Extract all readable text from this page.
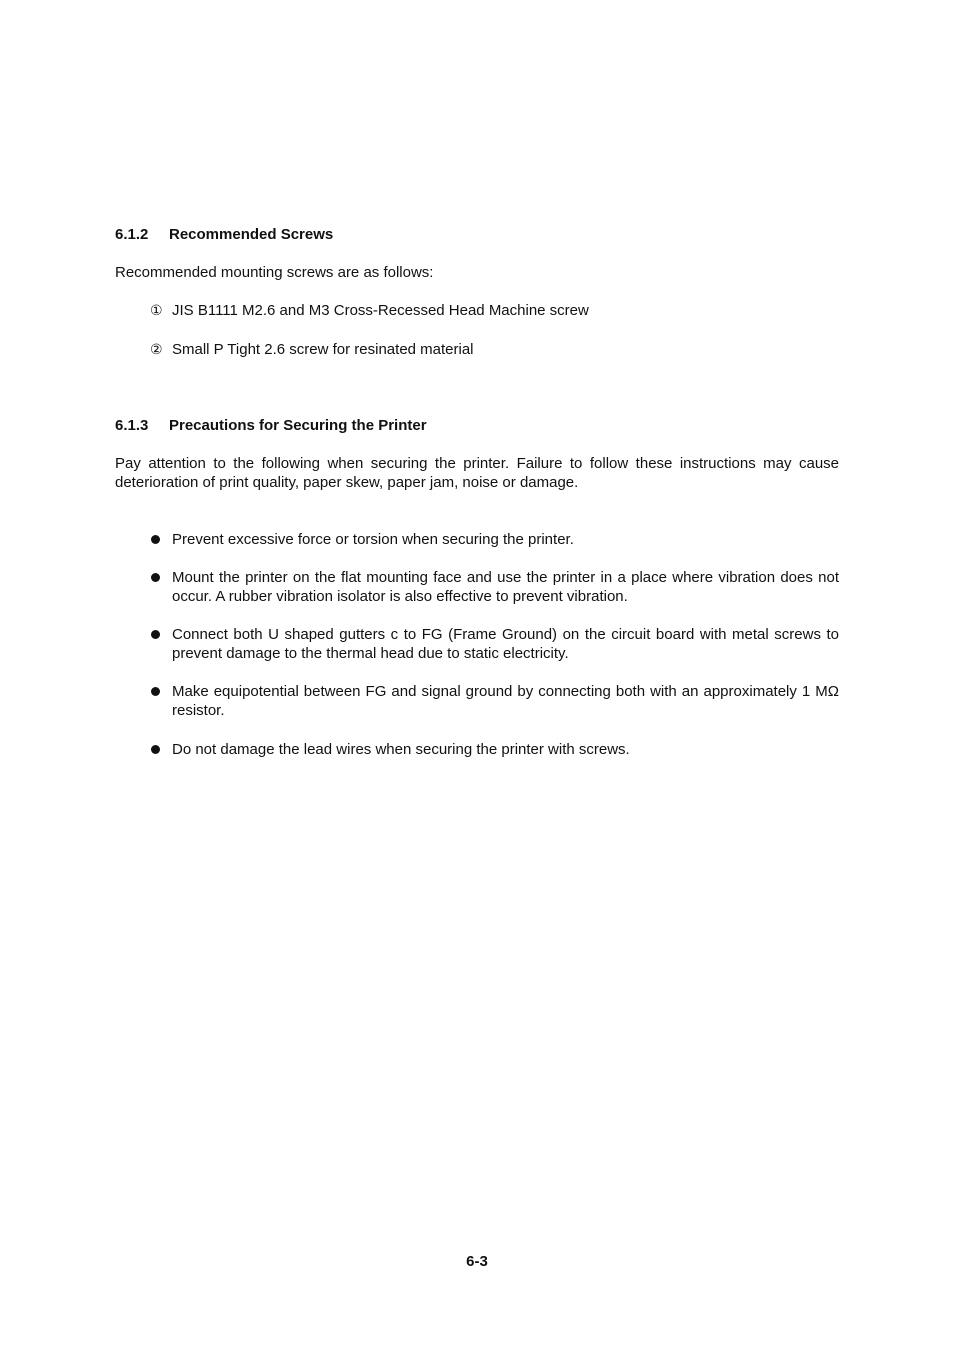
6.1.2 Recommended Screws
Recommended mounting screws are as follows:
① JIS B1111 M2.6 and M3 Cross-Recessed Head Machine screw
② Small P Tight 2.6 screw for resinated material
6.1.3 Precautions for Securing the Printer
Pay attention to the following when securing the printer. Failure to follow these instructions may cause deterioration of print quality, paper skew, paper jam, noise or damage.
Prevent excessive force or torsion when securing the printer.
Mount the printer on the flat mounting face and use the printer in a place where vibration does not occur. A rubber vibration isolator is also effective to prevent vibration.
Connect both U shaped gutters c to FG (Frame Ground) on the circuit board with metal screws to prevent damage to the thermal head due to static electricity.
Make equipotential between FG and signal ground by connecting both with an approximately 1 MΩ resistor.
Do not damage the lead wires when securing the printer with screws.
6-3
